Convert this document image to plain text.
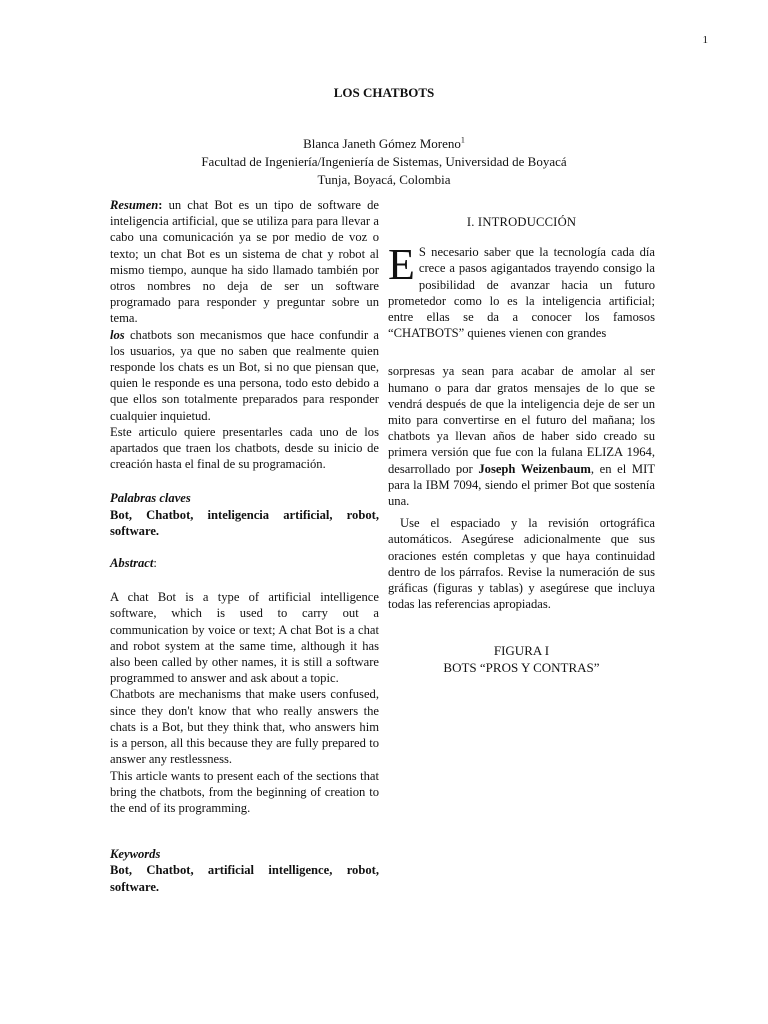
1
LOS CHATBOTS
Blanca Janeth Gómez Moreno$^1$
Facultad de Ingeniería/Ingeniería de Sistemas, Universidad de Boyacá
Tunja, Boyacá, Colombia

Resumen: un chat Bot es un tipo de software de inteligencia artificial, que se utiliza para para llevar a cabo una comunicación ya se por medio de voz o texto; un chat Bot es un sistema de chat y robot al mismo tiempo, aunque ha sido llamado también por otros nombres no deja de ser un software programado para responder y preguntar sobre un tema.

los chatbots son mecanismos que hace confundir a los usuarios, ya que no saben que realmente quien responde los chats es un Bot, si no que piensan que, quien le responde es una persona, todo esto debido a que ellos son totalmente preparados para responder cualquier inquietud.

Este articulo quiere presentarles cada uno de los apartados que traen los chatbots, desde su inicio de creación hasta el final de su programación.

Palabras claves

Bot, Chatbot, inteligencia artificial, robot, software.

Abstract:

A chat Bot is a type of artificial intelligence software, which is used to carry out a communication by voice or text; A chat Bot is a chat and robot system at the same time, although it has also been called by other names, it is still a software programmed to answer and ask about a topic.

Chatbots are mechanisms that make users confused, since they don't know that who really answers the chats is a Bot, but they think that, who answers him is a person, all this because they are fully prepared to answer any restlessness.

This article wants to present each of the sections that bring the chatbots, from the beginning of creation to the end of its programming.

Keywords

Bot, Chatbot, artificial intelligence, robot, software.

I. INTRODUCCIÓN

E S necesario saber que la tecnología cada día crece a pasos agigantados trayendo consigo la posibilidad de avanzar hacia un futuro prometedor como lo es la inteligencia artificial; entre ellas se da a conocer los famosos “CHATBOTS” quienes vienen con grandes

sorpresas ya sean para acabar de amolar al ser humano o para dar gratos mensajes de lo que se vendrá después de que la inteligencia deje de ser un mito para convertirse en el futuro del mañana; los chatbots ya llevan años de haber sido creado su primera versión que fue con la fulana ELIZA 1964, desarrollado por Joseph Weizenbaum, en el MIT para la IBM 7094, siendo el primer Bot que sostenía una.

Use el espaciado y la revisión ortográfica automáticos. Asegúrese adicionalmente que sus oraciones estén completas y que haya continuidad dentro de los párrafos. Revise la numeración de sus gráficas (figuras y tablas) y asegúrese que incluya todas las referencias apropiadas.

FIGURA I
BOTS “PROS Y CONTRAS”
